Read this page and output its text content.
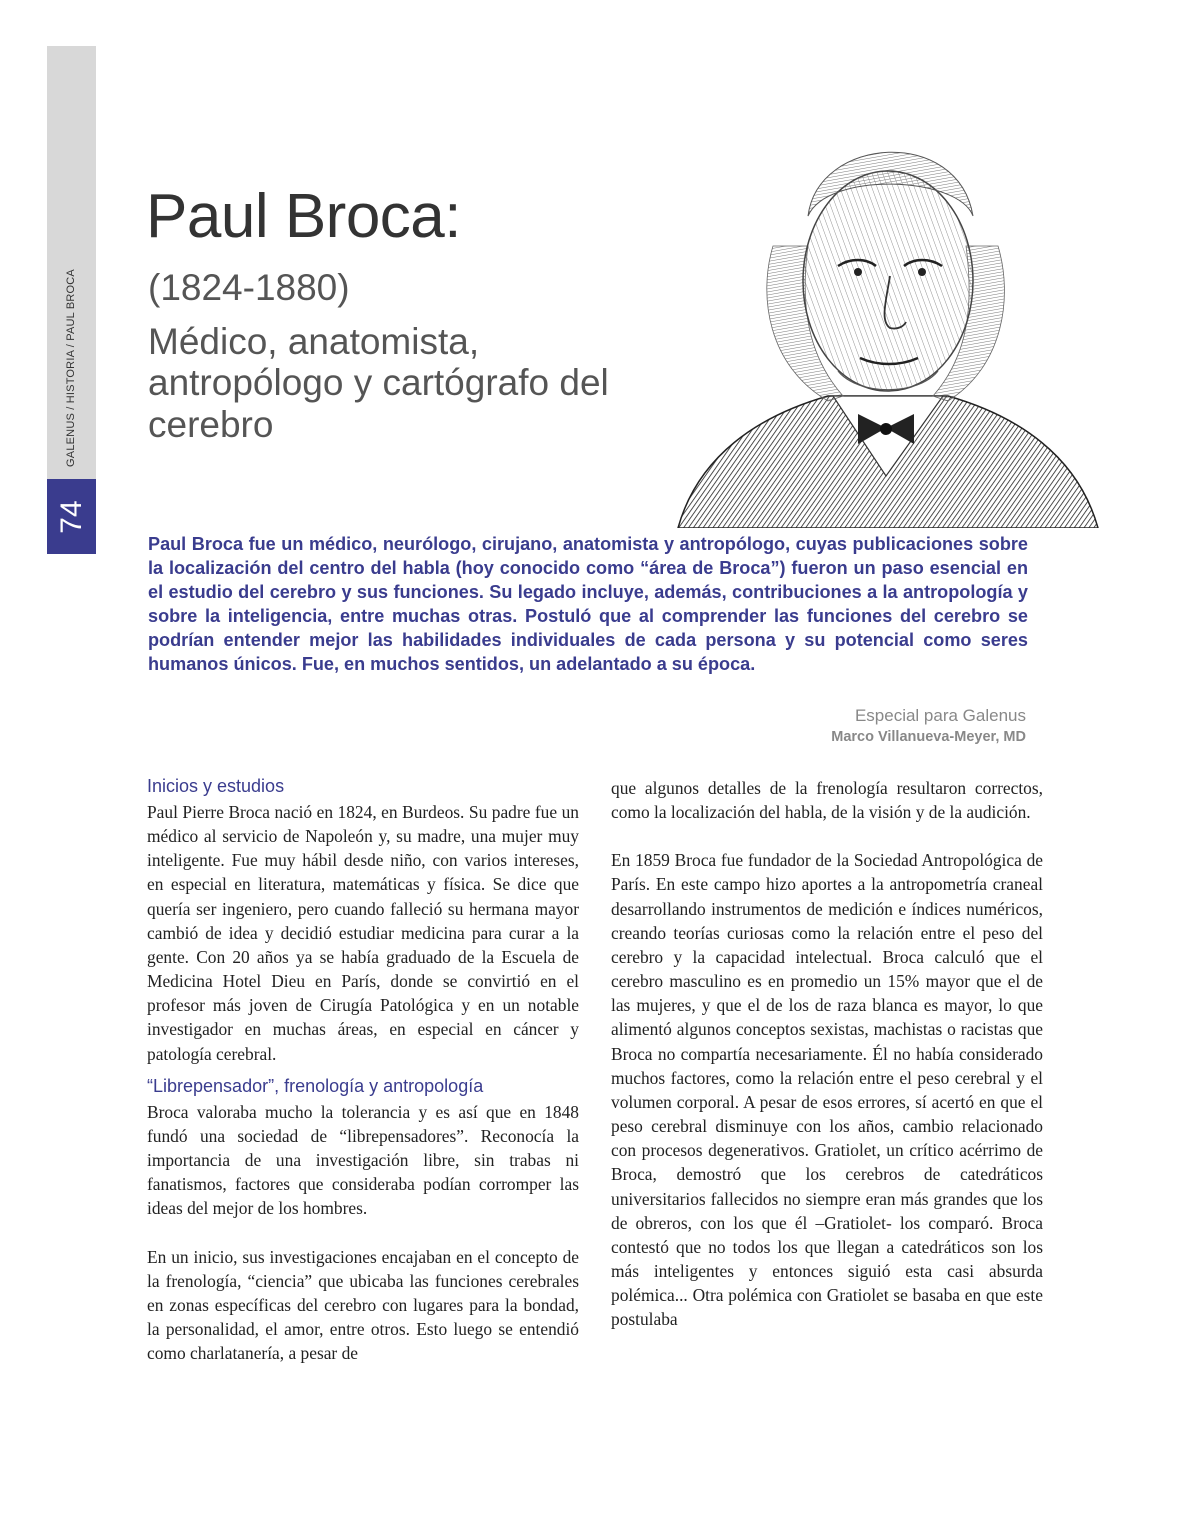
74
GALENUS / HISTORIA / PAUL BROCA
Paul Broca:
(1824-1880)
Médico, anatomista, antropólogo y cartógrafo del cerebro

Paul Broca fue un médico, neurólogo, cirujano, anatomista y antropólogo, cuyas publicaciones sobre la localización del centro del habla (hoy conocido como “área de Broca”) fueron un paso esencial en el estudio del cerebro y sus funciones. Su legado incluye, además, contribuciones a la antropología y sobre la inteligencia, entre muchas otras. Postuló que al comprender las funciones del cerebro se podrían entender mejor las habilidades individuales de cada persona y su potencial como seres humanos únicos. Fue, en muchos sentidos, un adelantado a su época.

Especial para Galenus
Marco Villanueva-Meyer, MD
Inicios y estudios

Paul Pierre Broca nació en 1824, en Burdeos. Su padre fue un médico al servicio de Napoleón y, su madre, una mujer muy inteligente. Fue muy hábil desde niño, con varios intereses, en especial en literatura, matemáticas y física. Se dice que quería ser ingeniero, pero cuando falleció su hermana mayor cambió de idea y decidió estudiar medicina para curar a la gente. Con 20 años ya se había graduado de la Escuela de Medicina Hotel Dieu en París, donde se convirtió en el profesor más joven de Cirugía Patológica y en un notable investigador en muchas áreas, en especial en cáncer y patología cerebral.

“Librepensador”, frenología y antropología

Broca valoraba mucho la tolerancia y es así que en 1848 fundó una sociedad de “librepensadores”. Reconocía la importancia de una investigación libre, sin trabas ni fanatismos, factores que consideraba podían corromper las ideas del mejor de los hombres.

En un inicio, sus investigaciones encajaban en el concepto de la frenología, “ciencia” que ubicaba las funciones cerebrales en zonas específicas del cerebro con lugares para la bondad, la personalidad, el amor, entre otros. Esto luego se entendió como charlatanería, a pesar de

que algunos detalles de la frenología resultaron correctos, como la localización del habla, de la visión y de la audición.

En 1859 Broca fue fundador de la Sociedad Antropológica de París. En este campo hizo aportes a la antropometría craneal desarrollando instrumentos de medición e índices numéricos, creando teorías curiosas como la relación entre el peso del cerebro y la capacidad intelectual. Broca calculó que el cerebro masculino es en promedio un 15% mayor que el de las mujeres, y que el de los de raza blanca es mayor, lo que alimentó algunos conceptos sexistas, machistas o racistas que Broca no compartía necesariamente. Él no había considerado muchos factores, como la relación entre el peso cerebral y el volumen corporal. A pesar de esos errores, sí acertó en que el peso cerebral disminuye con los años, cambio relacionado con procesos degenerativos. Gratiolet, un crítico acérrimo de Broca, demostró que los cerebros de catedráticos universitarios fallecidos no siempre eran más grandes que los de obreros, con los que él –Gratiolet- los comparó. Broca contestó que no todos los que llegan a catedráticos son los más inteligentes y entonces siguió esta casi absurda polémica... Otra polémica con Gratiolet se basaba en que este postulaba
